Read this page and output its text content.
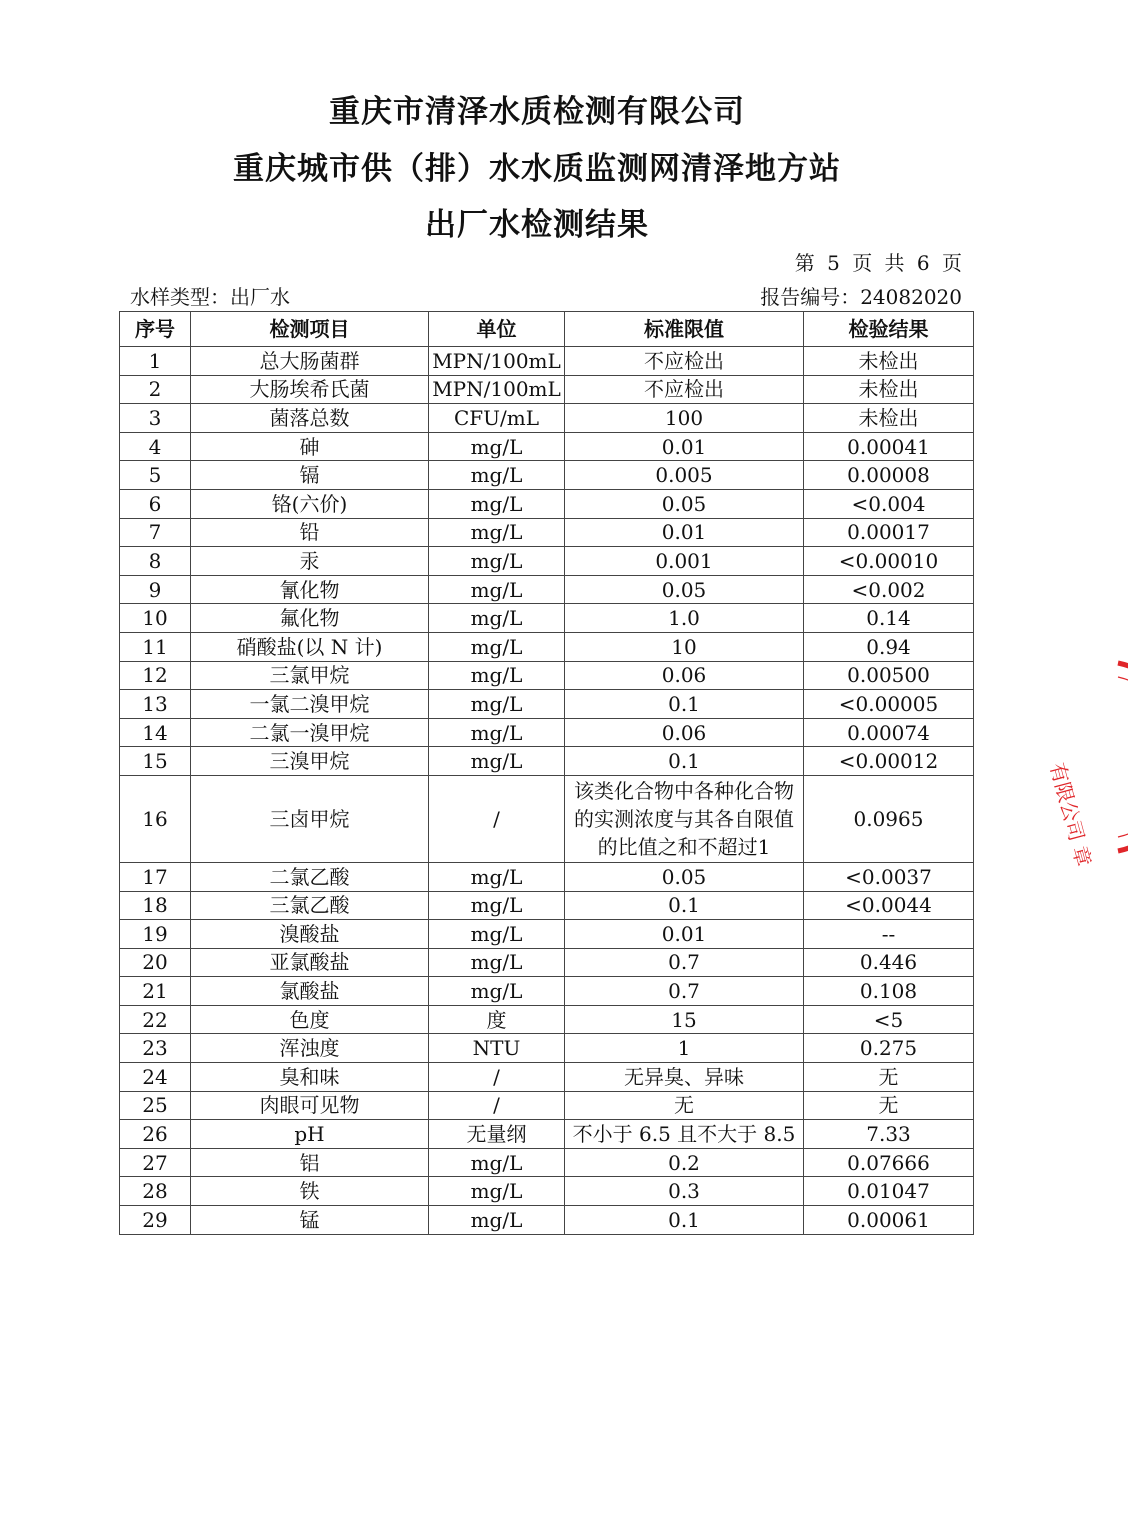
重庆市清泽水质检测有限公司
重庆城市供（排）水水质监测网清泽地方站
出厂水检测结果
第 5 页 共 6 页
水样类型：出厂水	报告编号：24082020
序号	检测项目	单位	标准限值	检验结果
1	总大肠菌群	MPN/100mL	不应检出	未检出
2	大肠埃希氏菌	MPN/100mL	不应检出	未检出
3	菌落总数	CFU/mL	100	未检出
4	砷	mg/L	0.01	0.00041
5	镉	mg/L	0.005	0.00008
6	铬(六价)	mg/L	0.05	<0.004
7	铅	mg/L	0.01	0.00017
8	汞	mg/L	0.001	<0.00010
9	氰化物	mg/L	0.05	<0.002
10	氟化物	mg/L	1.0	0.14
11	硝酸盐(以 N 计)	mg/L	10	0.94
12	三氯甲烷	mg/L	0.06	0.00500
13	一氯二溴甲烷	mg/L	0.1	<0.00005
14	二氯一溴甲烷	mg/L	0.06	0.00074
15	三溴甲烷	mg/L	0.1	<0.00012
16	三卤甲烷	/	该类化合物中各种化合物的实测浓度与其各自限值的比值之和不超过1	0.0965
17	二氯乙酸	mg/L	0.05	<0.0037
18	三氯乙酸	mg/L	0.1	<0.0044
19	溴酸盐	mg/L	0.01	--
20	亚氯酸盐	mg/L	0.7	0.446
21	氯酸盐	mg/L	0.7	0.108
22	色度	度	15	<5
23	浑浊度	NTU	1	0.275
24	臭和味	/	无异臭、异味	无
25	肉眼可见物	/	无	无
26	pH	无量纲	不小于 6.5 且不大于 8.5	7.33
27	铝	mg/L	0.2	0.07666
28	铁	mg/L	0.3	0.01047
29	锰	mg/L	0.1	0.00061
有限公司 章
